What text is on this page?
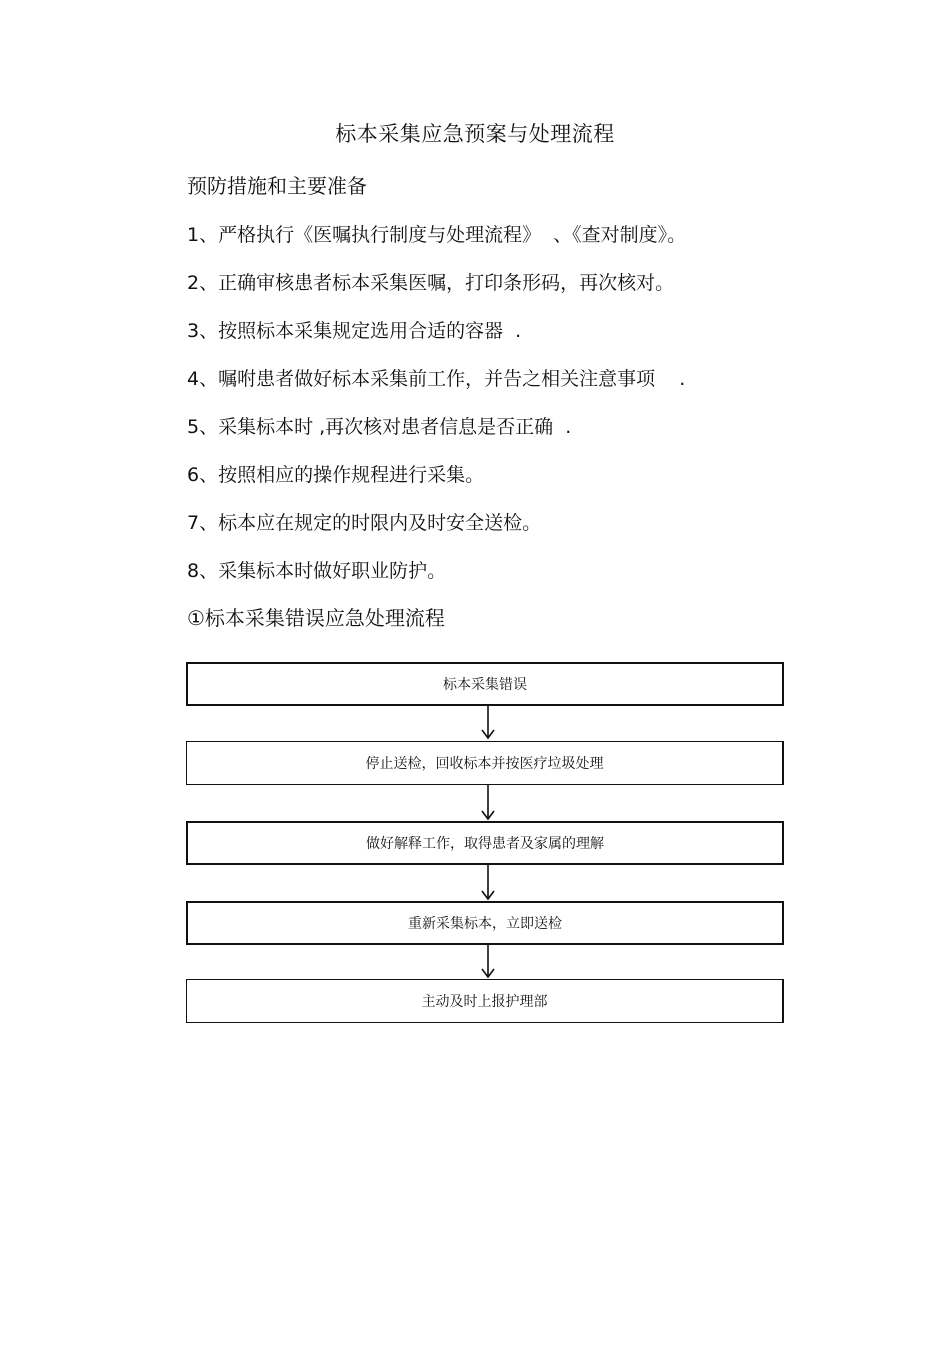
标本采集应急预案与处理流程
预防措施和主要准备
1、严格执行《医嘱执行制度与处理流程》  、《查对制度》。
2、正确审核患者标本采集医嘱，打印条形码，再次核对。
3、按照标本采集规定选用合适的容器  .
4、嘱咐患者做好标本采集前工作，并告之相关注意事项    .
5、采集标本时 ,再次核对患者信息是否正确  .
6、按照相应的操作规程进行采集。
7、标本应在规定的时限内及时安全送检。
8、采集标本时做好职业防护。
①标本采集错误应急处理流程
标本采集错误
停止送检，回收标本并按医疗垃圾处理
做好解释工作，取得患者及家属的理解
重新采集标本，立即送检
主动及时上报护理部
